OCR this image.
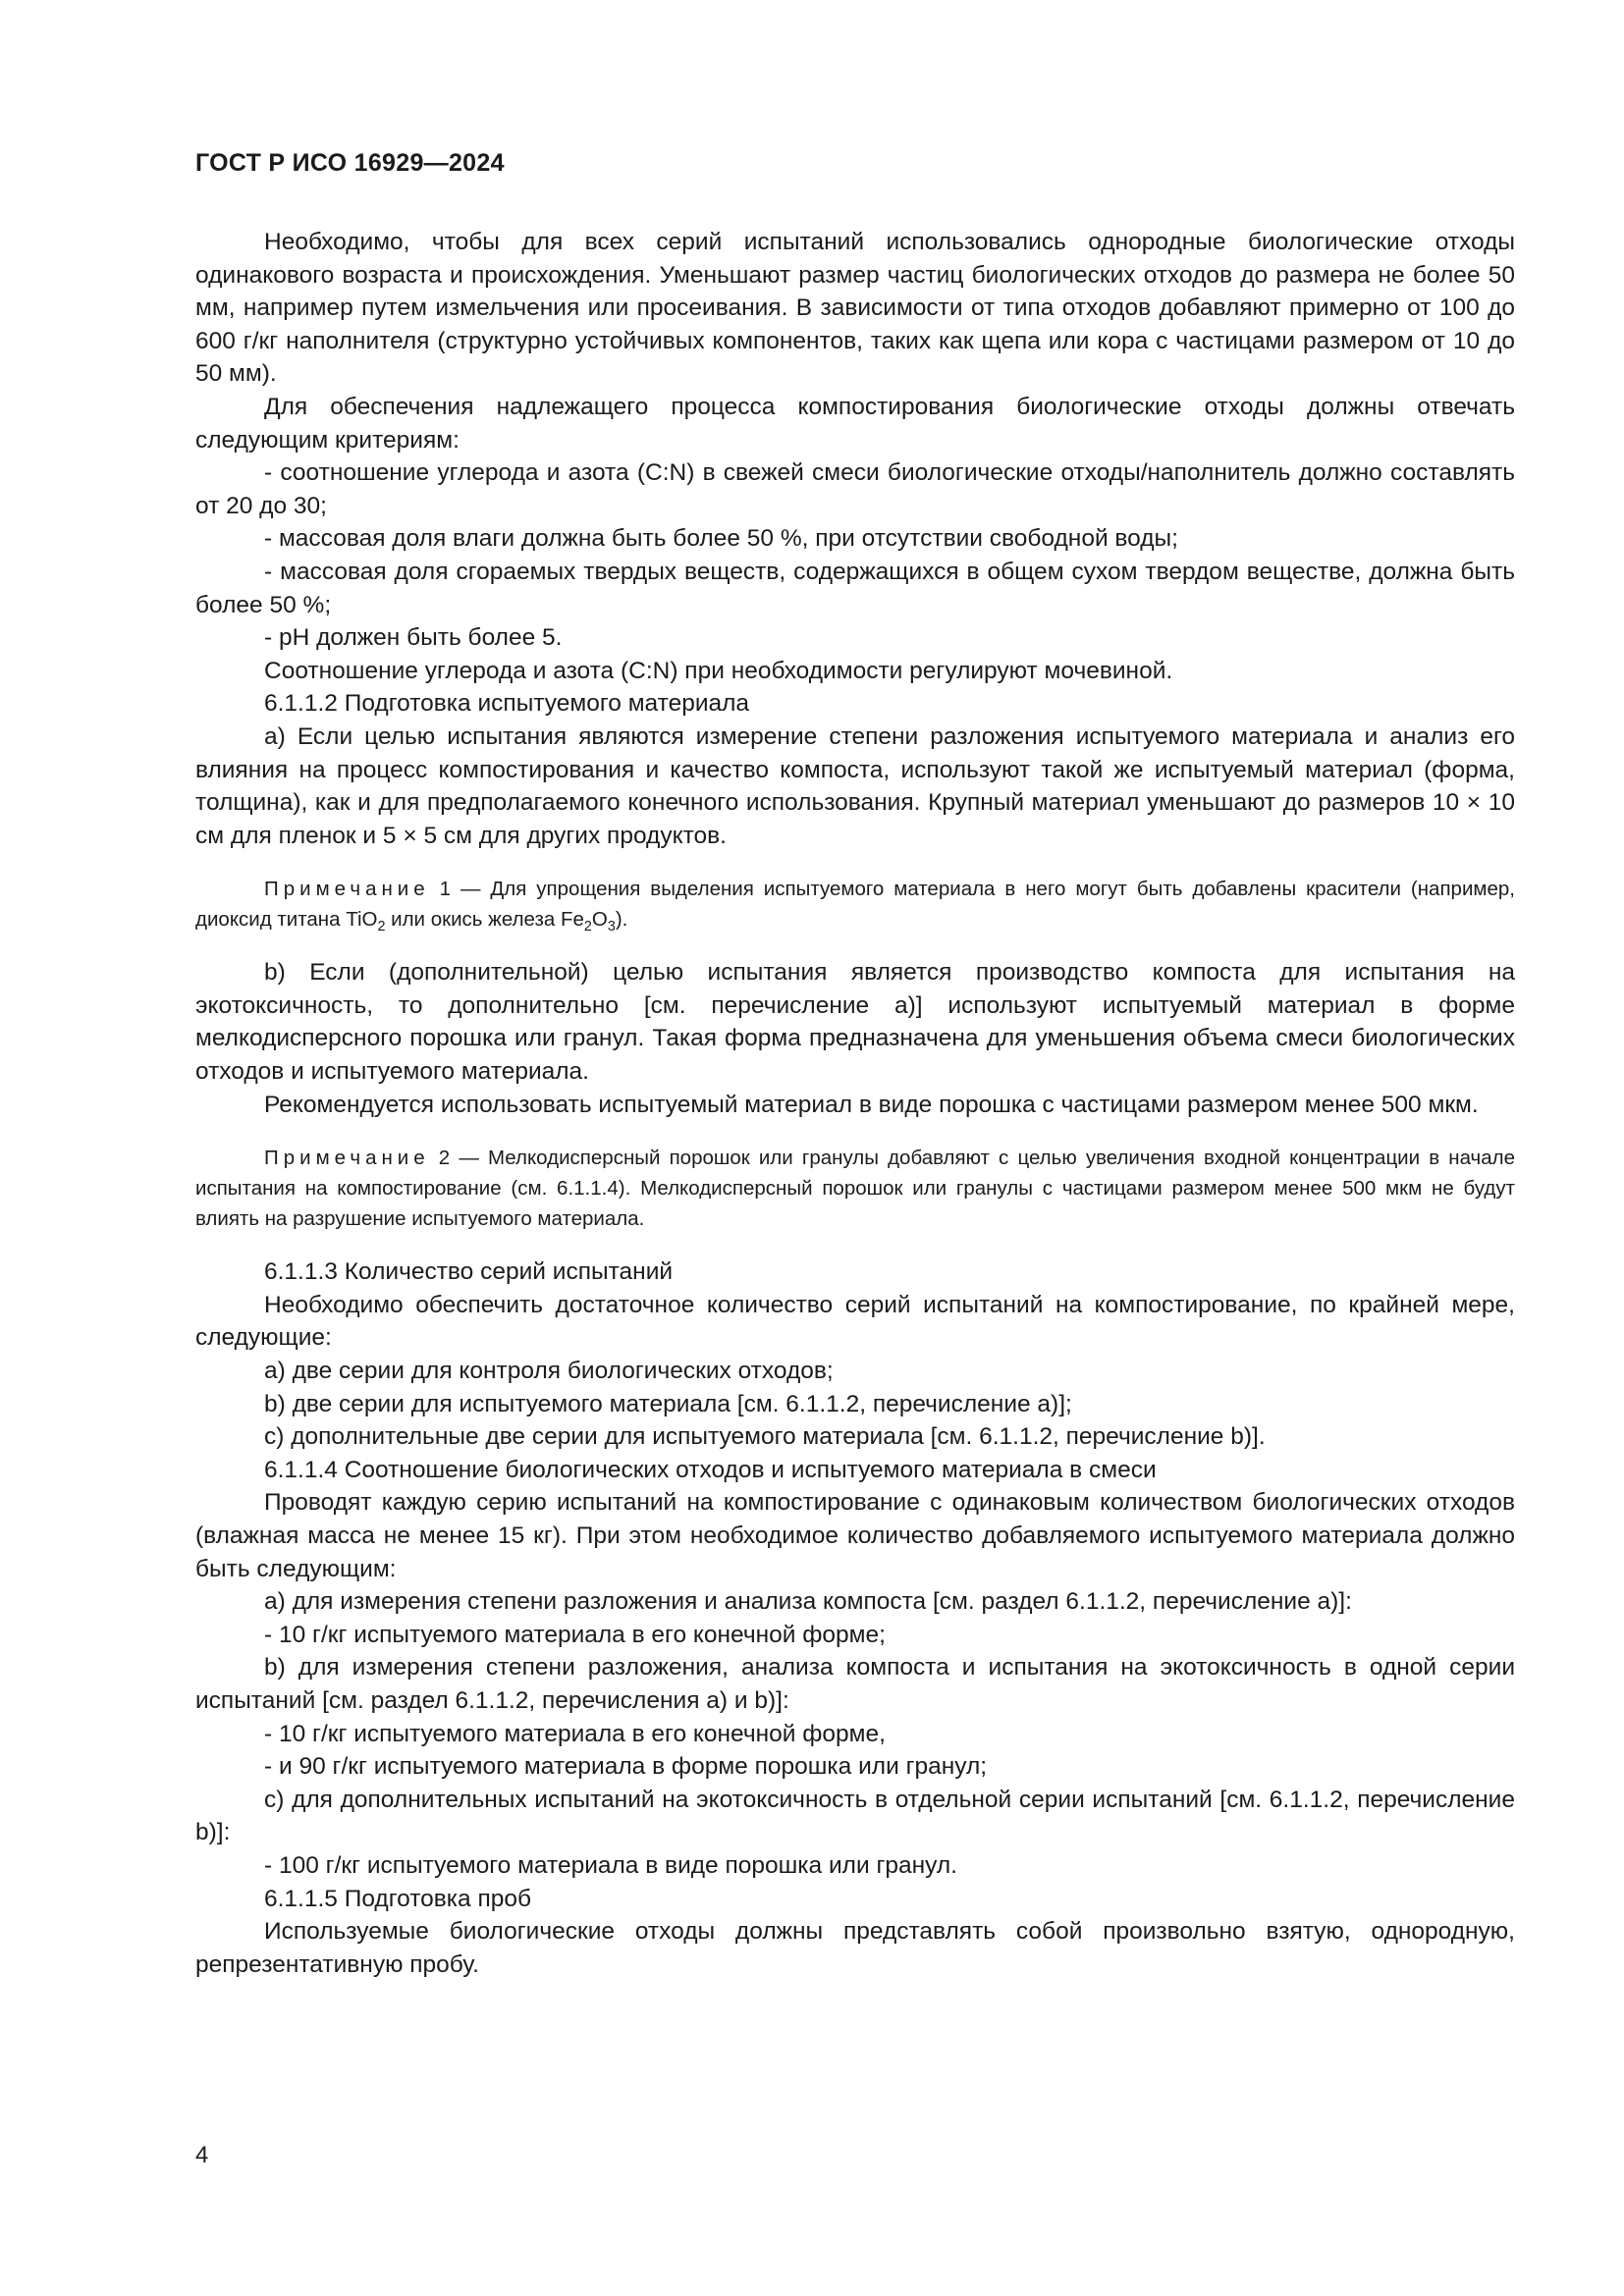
ГОСТ Р ИСО 16929—2024

Необходимо, чтобы для всех серий испытаний использовались однородные биологические отходы одинакового возраста и происхождения. Уменьшают размер частиц биологических отходов до размера не более 50 мм, например путем измельчения или просеивания. В зависимости от типа отходов добавляют примерно от 100 до 600 г/кг наполнителя (структурно устойчивых компонентов, таких как щепа или кора с частицами размером от 10 до 50 мм).

Для обеспечения надлежащего процесса компостирования биологические отходы должны отвечать следующим критериям:

- соотношение углерода и азота (C:N) в свежей смеси биологические отходы/наполнитель должно составлять от 20 до 30;

- массовая доля влаги должна быть более 50 %, при отсутствии свободной воды;

- массовая доля сгораемых твердых веществ, содержащихся в общем сухом твердом веществе, должна быть более 50 %;

- pH должен быть более 5.

Соотношение углерода и азота (C:N) при необходимости регулируют мочевиной.

6.1.1.2 Подготовка испытуемого материала

a) Если целью испытания являются измерение степени разложения испытуемого материала и анализ его влияния на процесс компостирования и качество компоста, используют такой же испытуемый материал (форма, толщина), как и для предполагаемого конечного использования. Крупный материал уменьшают до размеров 10 × 10 см для пленок и 5 × 5 см для других продуктов.

Примечание 1 — Для упрощения выделения испытуемого материала в него могут быть добавлены красители (например, диоксид титана TiO$_2$ или окись железа $Fe_2O_3$).

b) Если (дополнительной) целью испытания является производство компоста для испытания на экотоксичность, то дополнительно [см. перечисление a)] используют испытуемый материал в форме мелкодисперсного порошка или гранул. Такая форма предназначена для уменьшения объема смеси биологических отходов и испытуемого материала.

Рекомендуется использовать испытуемый материал в виде порошка с частицами размером менее 500 мкм.

Примечание 2 — Мелкодисперсный порошок или гранулы добавляют с целью увеличения входной концентрации в начале испытания на компостирование (см. 6.1.1.4). Мелкодисперсный порошок или гранулы с частицами размером менее 500 мкм не будут влиять на разрушение испытуемого материала.

6.1.1.3 Количество серий испытаний

Необходимо обеспечить достаточное количество серий испытаний на компостирование, по крайней мере, следующие:

a) две серии для контроля биологических отходов;

b) две серии для испытуемого материала [см. 6.1.1.2, перечисление a)];

c) дополнительные две серии для испытуемого материала [см. 6.1.1.2, перечисление b)].

6.1.1.4 Соотношение биологических отходов и испытуемого материала в смеси

Проводят каждую серию испытаний на компостирование с одинаковым количеством биологических отходов (влажная масса не менее 15 кг). При этом необходимое количество добавляемого испытуемого материала должно быть следующим:

a) для измерения степени разложения и анализа компоста [см. раздел 6.1.1.2, перечисление a)]:

- 10 г/кг испытуемого материала в его конечной форме;

b) для измерения степени разложения, анализа компоста и испытания на экотоксичность в одной серии испытаний [см. раздел 6.1.1.2, перечисления a) и b)]:

- 10 г/кг испытуемого материала в его конечной форме,

- и 90 г/кг испытуемого материала в форме порошка или гранул;

c) для дополнительных испытаний на экотоксичность в отдельной серии испытаний [см. 6.1.1.2, перечисление b)]:

- 100 г/кг испытуемого материала в виде порошка или гранул.

6.1.1.5 Подготовка проб

Используемые биологические отходы должны представлять собой произвольно взятую, однородную, репрезентативную пробу.

4
